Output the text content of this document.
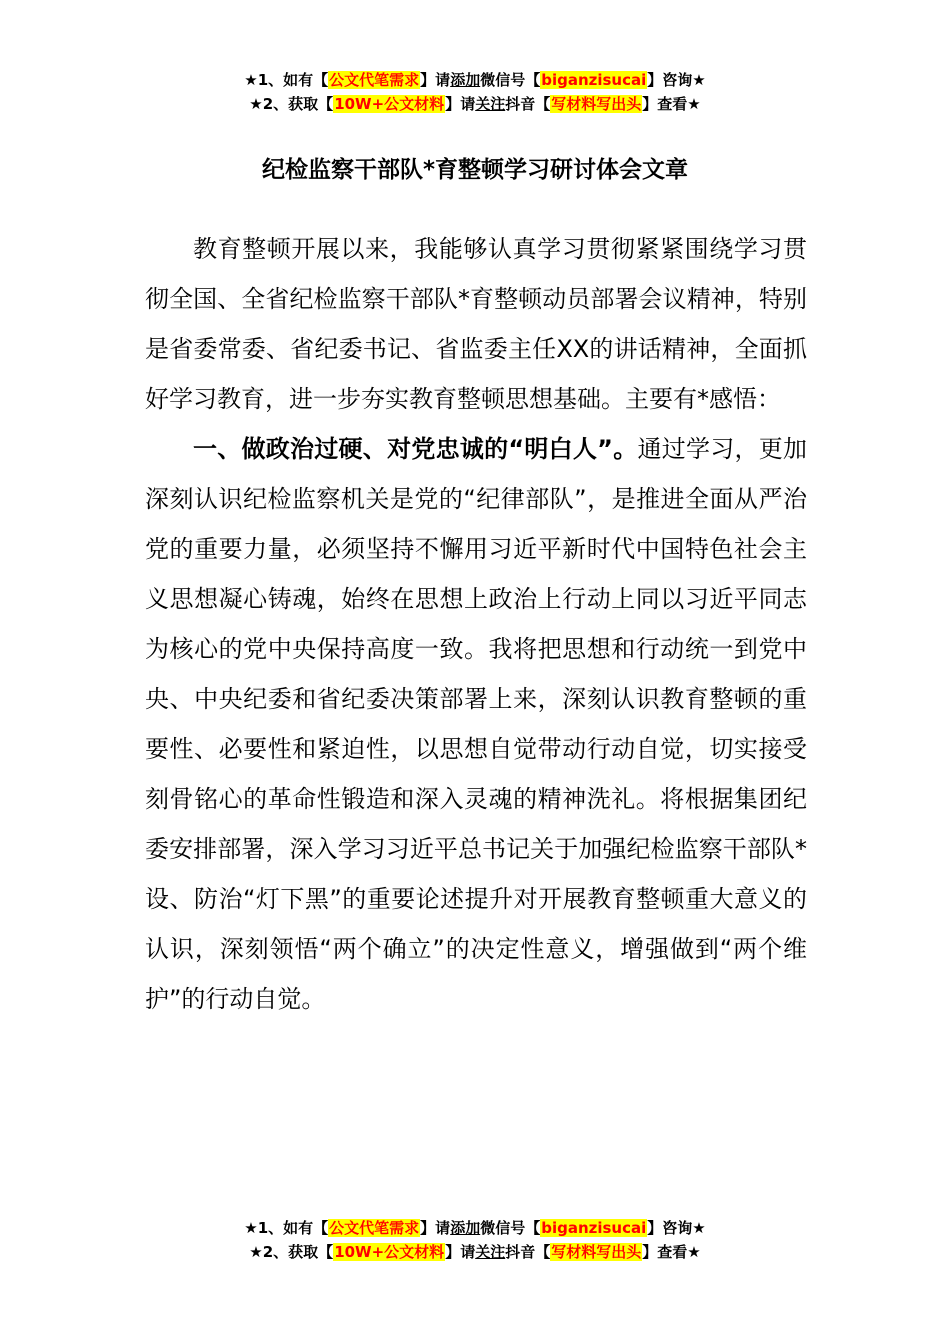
★1、如有【公文代笔需求】请添加微信号【biganzisucai】咨询★
★2、获取【10W+公文材料】请关注抖音【写材料写出头】查看★
纪检监察干部队*育整顿学习研讨体会文章

教育整顿开展以来，我能够认真学习贯彻紧紧围绕学习贯彻全国、全省纪检监察干部队*育整顿动员部署会议精神，特别是省委常委、省纪委书记、省监委主任XX的讲话精神，全面抓好学习教育，进一步夯实教育整顿思想基础。主要有*感悟：

一、做政治过硬、对党忠诚的“明白人”。通过学习，更加深刻认识纪检监察机关是党的“纪律部队”，是推进全面从严治党的重要力量，必须坚持不懈用习近平新时代中国特色社会主义思想凝心铸魂，始终在思想上政治上行动上同以习近平同志为核心的党中央保持高度一致。我将把思想和行动统一到党中央、中央纪委和省纪委决策部署上来，深刻认识教育整顿的重要性、必要性和紧迫性，以思想自觉带动行动自觉，切实接受刻骨铭心的革命性锻造和深入灵魂的精神洗礼。将根据集团纪委安排部署，深入学习习近平总书记关于加强纪检监察干部队*设、防治“灯下黑”的重要论述提升对开展教育整顿重大意义的认识，深刻领悟“两个确立”的决定性意义，增强做到“两个维护”的行动自觉。

★1、如有【公文代笔需求】请添加微信号【biganzisucai】咨询★
★2、获取【10W+公文材料】请关注抖音【写材料写出头】查看★
